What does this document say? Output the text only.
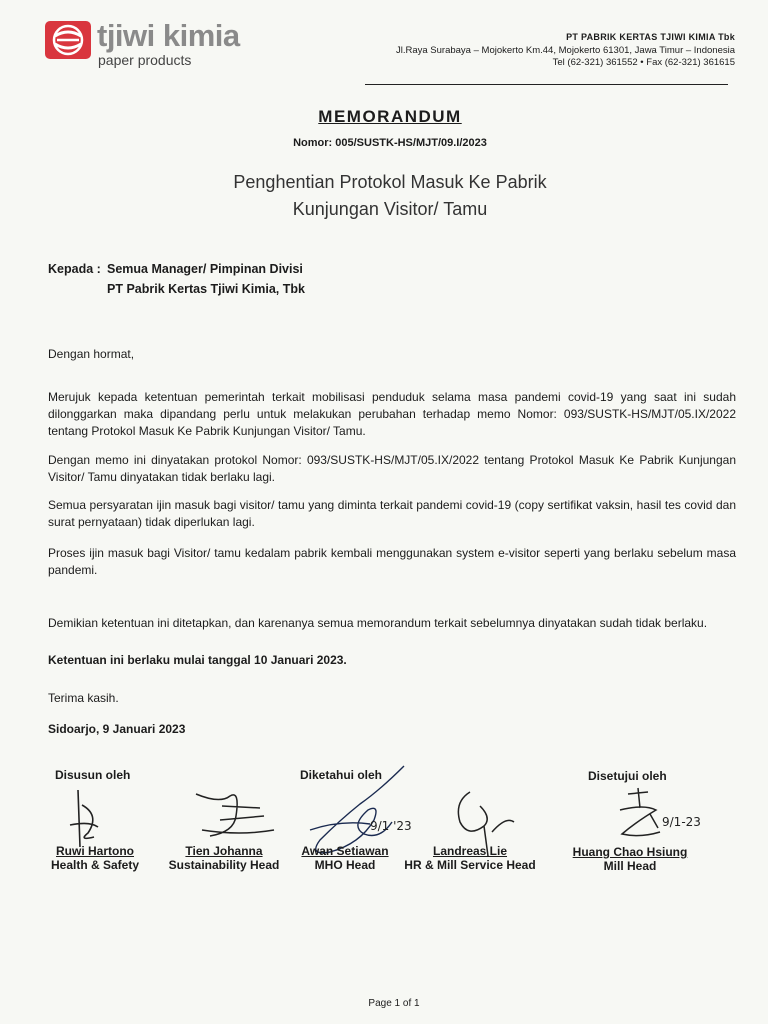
tjiwi kimia
paper products
PT PABRIK KERTAS TJIWI KIMIA Tbk
Jl.Raya Surabaya – Mojokerto Km.44, Mojokerto 61301, Jawa Timur – Indonesia
Tel (62-321) 361552 • Fax (62-321) 361615
MEMORANDUM
Nomor: 005/SUSTK-HS/MJT/09.I/2023
Penghentian Protokol Masuk Ke Pabrik
Kunjungan Visitor/ Tamu
Kepada : Semua Manager/ Pimpinan Divisi
PT Pabrik Kertas Tjiwi Kimia, Tbk
Dengan hormat,
Merujuk kepada ketentuan pemerintah terkait mobilisasi penduduk selama masa pandemi covid-19 yang saat ini sudah dilonggarkan maka dipandang perlu untuk melakukan perubahan terhadap memo Nomor: 093/SUSTK-HS/MJT/05.IX/2022 tentang Protokol Masuk Ke Pabrik Kunjungan Visitor/ Tamu.
Dengan memo ini dinyatakan protokol Nomor: 093/SUSTK-HS/MJT/05.IX/2022 tentang Protokol Masuk Ke Pabrik Kunjungan Visitor/ Tamu dinyatakan tidak berlaku lagi.
Semua persyaratan ijin masuk bagi visitor/ tamu yang diminta terkait pandemi covid-19 (copy sertifikat vaksin, hasil tes covid dan surat pernyataan) tidak diperlukan lagi.
Proses ijin masuk bagi Visitor/ tamu kedalam pabrik kembali menggunakan system e-visitor seperti yang berlaku sebelum masa pandemi.
Demikian ketentuan ini ditetapkan, dan karenanya semua memorandum terkait sebelumnya dinyatakan sudah tidak berlaku.
Ketentuan ini berlaku mulai tanggal 10 Januari 2023.
Terima kasih.
Sidoarjo, 9 Januari 2023
Disusun oleh	Diketahui oleh	Disetujui oleh
9/1 '23	9/1-23
Ruwi Hartono
Health & Safety
Tien Johanna
Sustainability Head
Awan Setiawan
MHO Head
Landreas Lie
HR & Mill Service Head
Huang Chao Hsiung
Mill Head
Page 1 of 1
